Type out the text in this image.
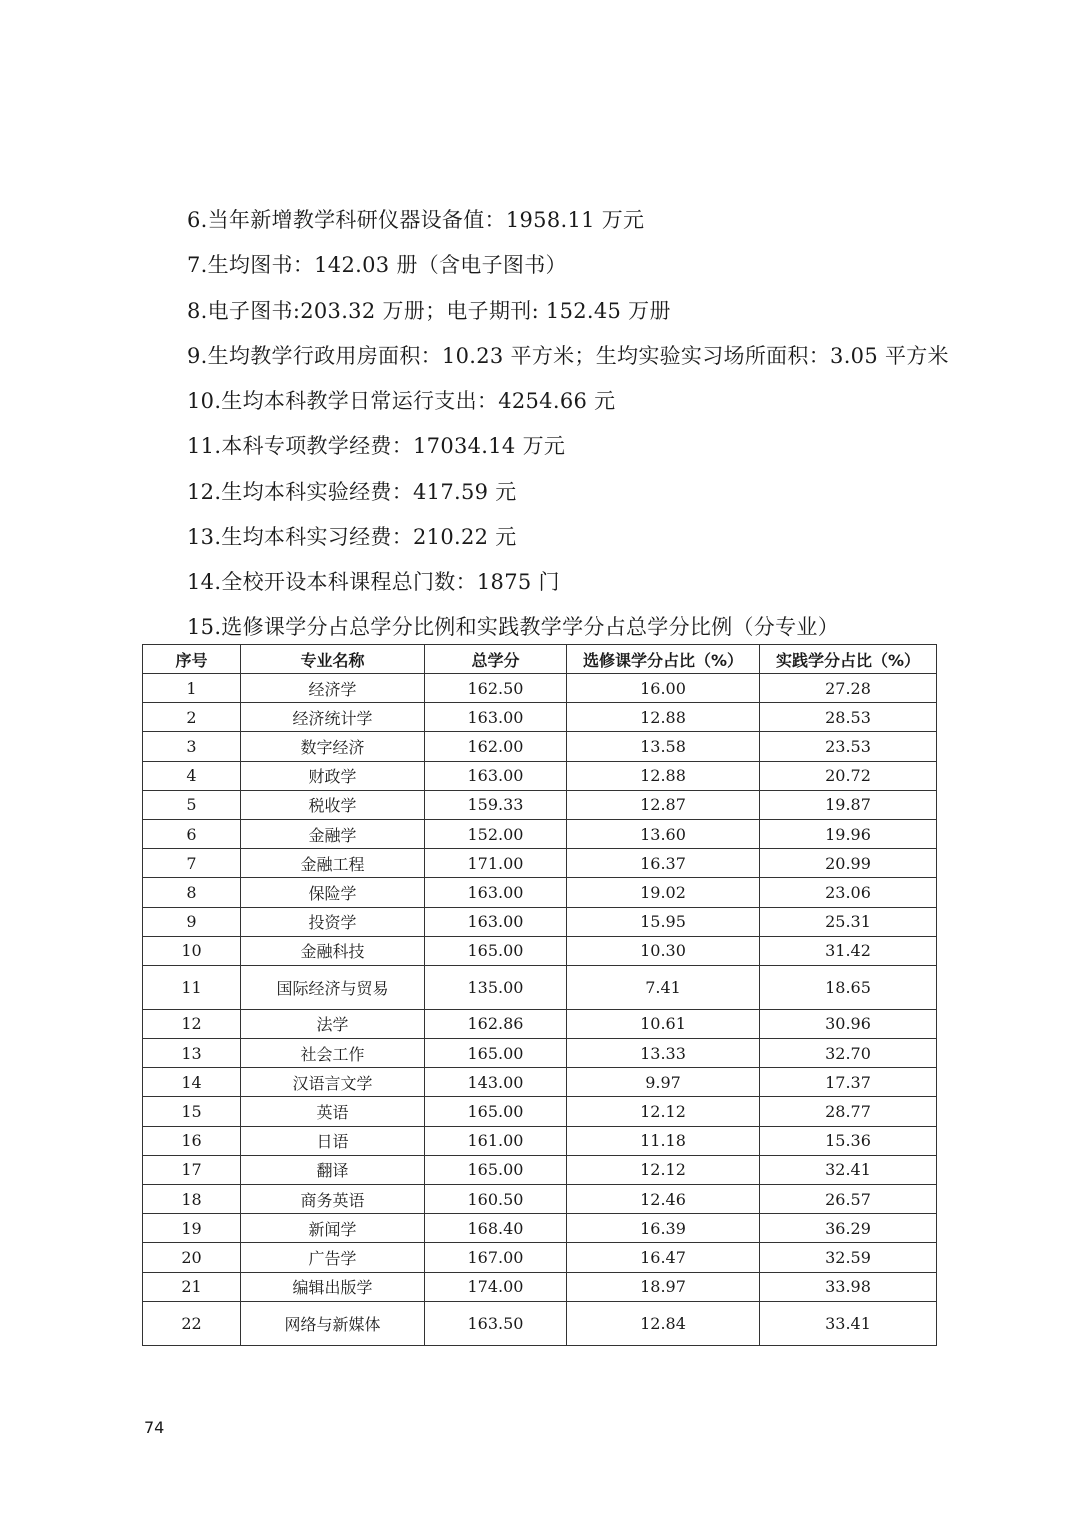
6.当年新增教学科研仪器设备值：1958.11 万元
7.生均图书：142.03 册（含电子图书）
8.电子图书:203.32 万册；电子期刊: 152.45 万册
9.生均教学行政用房面积：10.23 平方米；生均实验实习场所面积：3.05 平方米
10.生均本科教学日常运行支出：4254.66 元
11.本科专项教学经费：17034.14 万元
12.生均本科实验经费：417.59 元
13.生均本科实习经费：210.22 元
14.全校开设本科课程总门数：1875 门
15.选修课学分占总学分比例和实践教学学分占总学分比例（分专业）
序号	专业名称	总学分	选修课学分占比（%）	实践学分占比（%）
1	经济学	162.50	16.00	27.28
2	经济统计学	163.00	12.88	28.53
3	数字经济	162.00	13.58	23.53
4	财政学	163.00	12.88	20.72
5	税收学	159.33	12.87	19.87
6	金融学	152.00	13.60	19.96
7	金融工程	171.00	16.37	20.99
8	保险学	163.00	19.02	23.06
9	投资学	163.00	15.95	25.31
10	金融科技	165.00	10.30	31.42
11	国际经济与贸易	135.00	7.41	18.65
12	法学	162.86	10.61	30.96
13	社会工作	165.00	13.33	32.70
14	汉语言文学	143.00	9.97	17.37
15	英语	165.00	12.12	28.77
16	日语	161.00	11.18	15.36
17	翻译	165.00	12.12	32.41
18	商务英语	160.50	12.46	26.57
19	新闻学	168.40	16.39	36.29
20	广告学	167.00	16.47	32.59
21	编辑出版学	174.00	18.97	33.98
22	网络与新媒体	163.50	12.84	33.41
74
